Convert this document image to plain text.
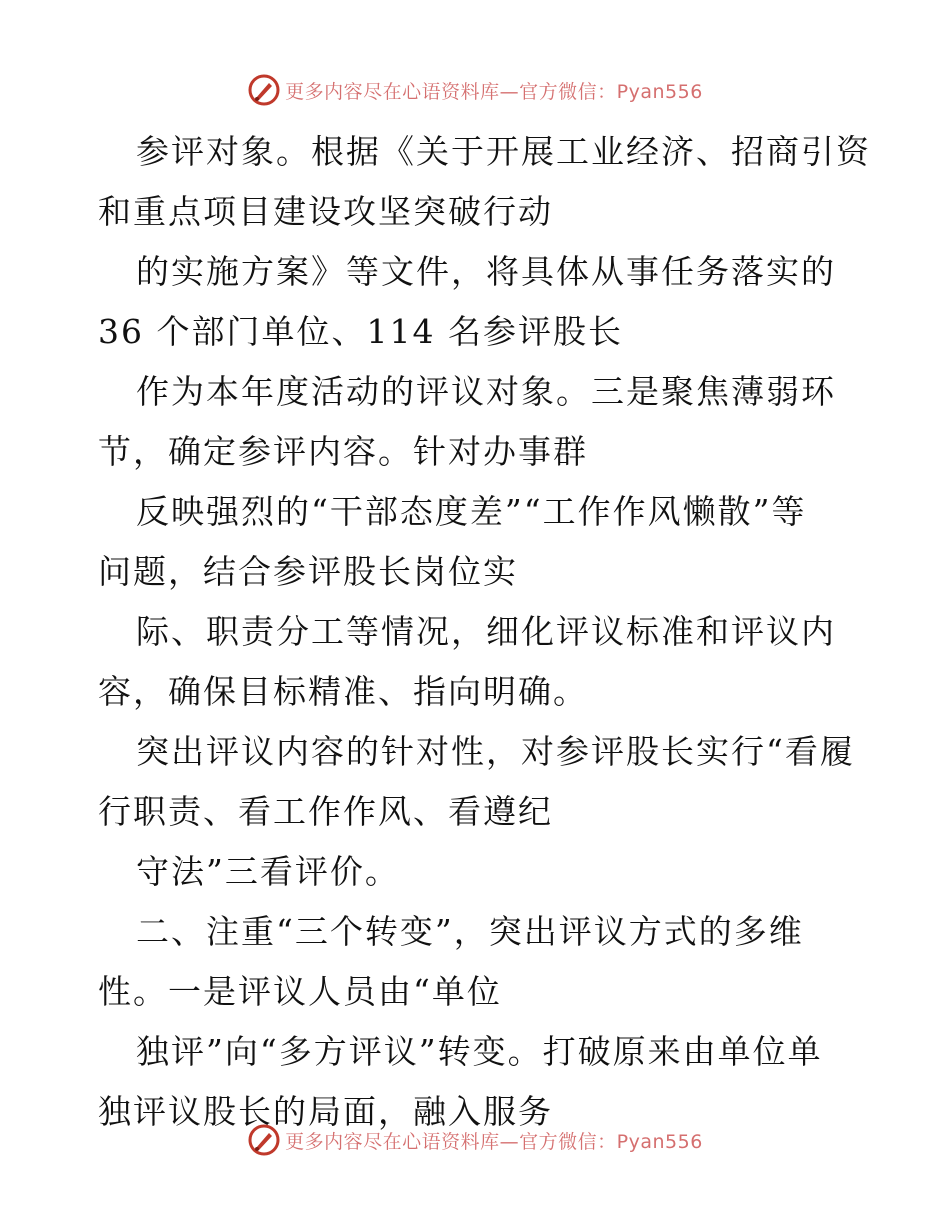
更多内容尽在心语资料库—官方微信：Pyan556

参评对象。根据《关于开展工业经济、招商引资
和重点项目建设攻坚突破行动

的实施方案》等文件，将具体从事任务落实的
36 个部门单位、114 名参评股长

作为本年度活动的评议对象。三是聚焦薄弱环
节，确定参评内容。针对办事群

反映强烈的“干部态度差”“工作作风懒散”等
问题，结合参评股长岗位实

际、职责分工等情况，细化评议标准和评议内
容，确保目标精准、指向明确。

突出评议内容的针对性，对参评股长实行“看履
行职责、看工作作风、看遵纪

守法”三看评价。

二、注重“三个转变”，突出评议方式的多维
性。一是评议人员由“单位

独评”向“多方评议”转变。打破原来由单位单
独评议股长的局面，融入服务

更多内容尽在心语资料库—官方微信：Pyan556
